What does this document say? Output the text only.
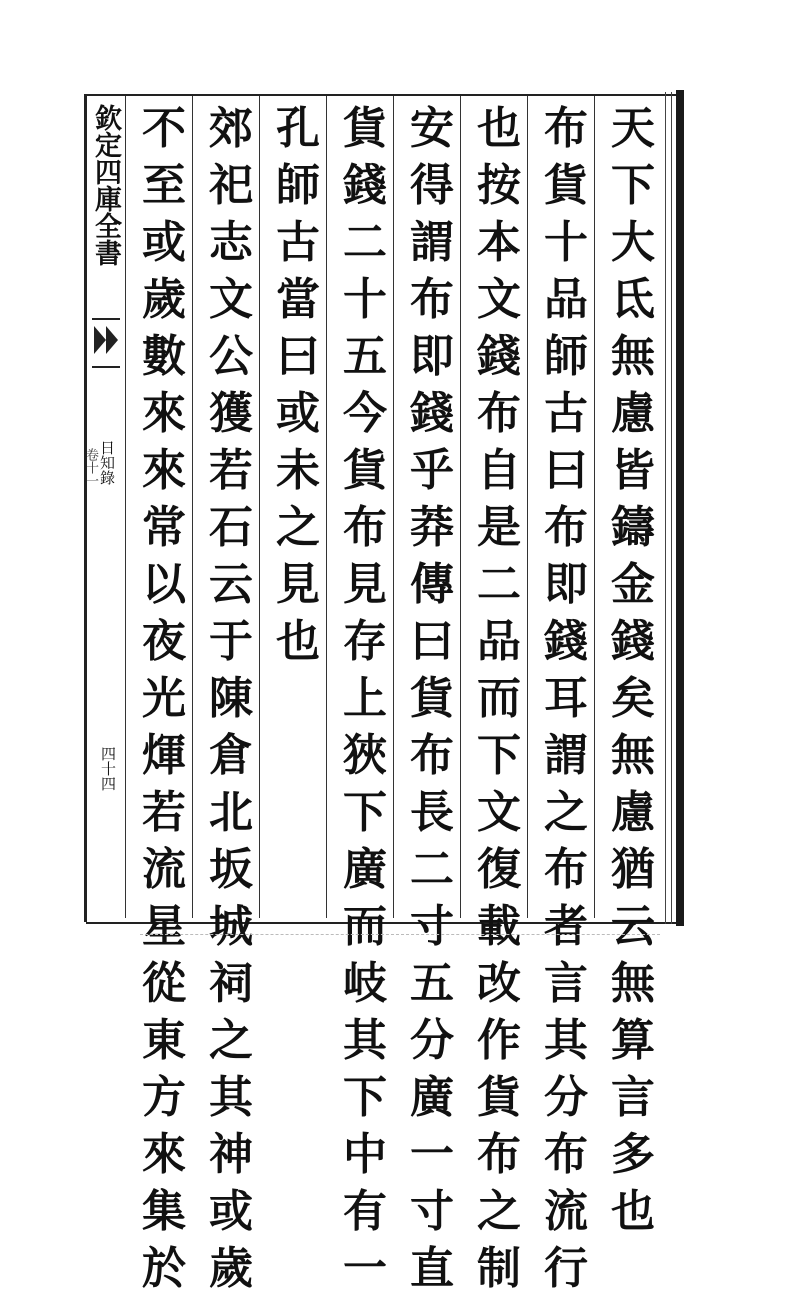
欽定四庫全書
日知錄
卷十一
四十四
天
下
大
氐
無
慮
皆
鑄
金
錢
矣
無
慮
猶
云
無
算
言
多
也
布
貨
十
品
師
古
曰
布
即
錢
耳
謂
之
布
者
言
其
分
布
流
行
也
按
本
文
錢
布
自
是
二
品
而
下
文
復
載
改
作
貨
布
之
制
安
得
謂
布
即
錢
乎
莽
傳
曰
貨
布
長
二
寸
五
分
廣
一
寸
直
貨
錢
二
十
五
今
貨
布
見
存
上
狹
下
廣
而
岐
其
下
中
有
一
孔
師
古
當
曰
或
未
之
見
也
郊
祀
志
文
公
獲
若
石
云
于
陳
倉
北
坂
城
祠
之
其
神
或
歲
不
至
或
歲
數
來
來
常
以
夜
光
煇
若
流
星
從
東
方
來
集
於
